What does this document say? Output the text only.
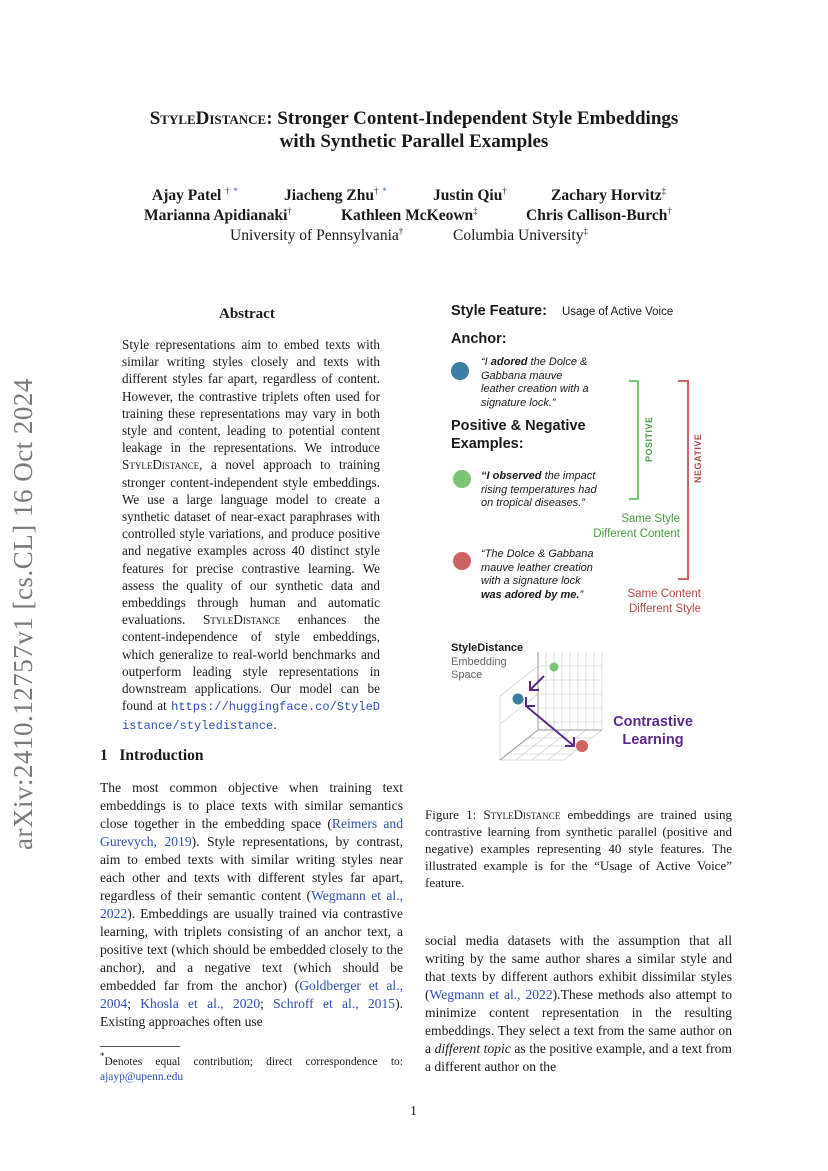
arXiv:2410.12757v1 [cs.CL] 16 Oct 2024
StyleDistance: Stronger Content-Independent Style Embeddings
with Synthetic Parallel Examples
Ajay Patel † *	Jiacheng Zhu† *	Justin Qiu†	Zachary Horvitz‡
Marianna Apidianaki†	Kathleen McKeown‡	Chris Callison-Burch†
University of Pennsylvania†	Columbia University‡
Abstract
Style representations aim to embed texts with similar writing styles closely and texts with different styles far apart, regardless of content. However, the contrastive triplets often used for training these representations may vary in both style and content, leading to potential content leakage in the representations. We introduce StyleDistance, a novel approach to training stronger content-independent style embeddings. We use a large language model to create a synthetic dataset of near-exact paraphrases with controlled style variations, and produce positive and negative examples across 40 distinct style features for precise contrastive learning. We assess the quality of our synthetic data and embeddings through human and automatic evaluations. StyleDistance enhances the content-independence of style embeddings, which generalize to real-world benchmarks and outperform leading style representations in downstream applications. Our model can be found at https://huggingface.co/StyleDistance/styledistance.
1 Introduction
The most common objective when training text embeddings is to place texts with similar semantics close together in the embedding space (Reimers and Gurevych, 2019). Style representations, by contrast, aim to embed texts with similar writing styles near each other and texts with different styles far apart, regardless of their semantic content (Wegmann et al., 2022). Embeddings are usually trained via contrastive learning, with triplets consisting of an anchor text, a positive text (which should be embedded closely to the anchor), and a negative text (which should be embedded far from the anchor) (Goldberger et al., 2004; Khosla et al., 2020; Schroff et al., 2015). Existing approaches often use
*Denotes equal contribution; direct correspondence to: ajayp@upenn.edu
Style Feature: Usage of Active Voice
Anchor:
“I adored the Dolce &
Gabbana mauve
leather creation with a
signature lock.”
Positive & Negative
Examples:
“I observed the impact
rising temperatures had
on tropical diseases.”
“The Dolce & Gabbana
mauve leather creation
with a signature lock
was adored by me.”
POSITIVE
Same Style
Different Content
NEGATIVE
Same Content
Different Style
StyleDistance
Embedding
Space
Contrastive
Learning
Figure 1: StyleDistance embeddings are trained using contrastive learning from synthetic parallel (positive and negative) examples representing 40 style features. The illustrated example is for the “Usage of Active Voice” feature.
social media datasets with the assumption that all writing by the same author shares a similar style and that texts by different authors exhibit dissimilar styles (Wegmann et al., 2022).These methods also attempt to minimize content representation in the resulting embeddings. They select a text from the same author on a different topic as the positive example, and a text from a different author on the
1
